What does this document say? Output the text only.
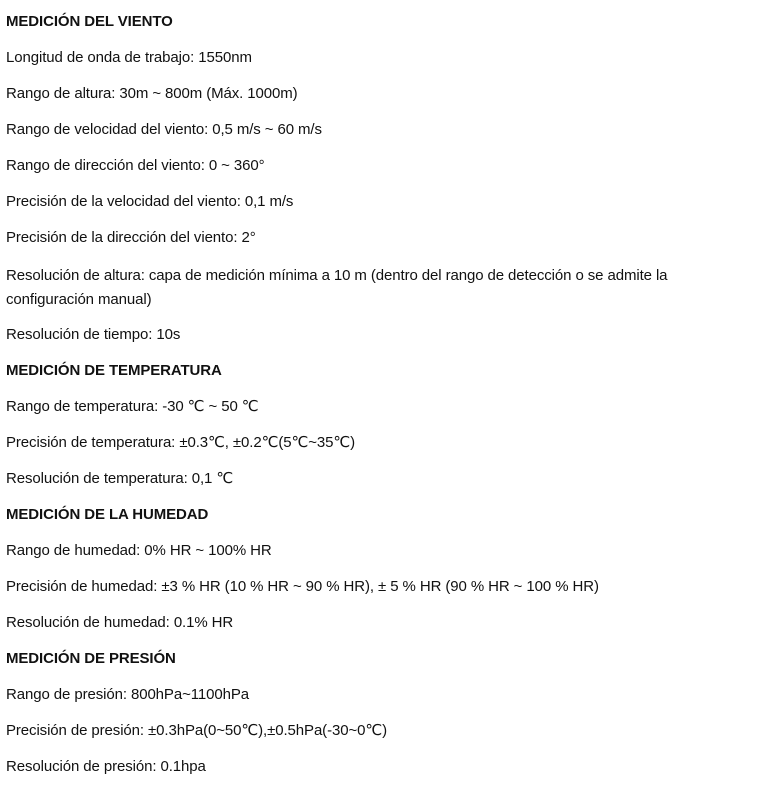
MEDICIÓN DEL VIENTO
Longitud de onda de trabajo: 1550nm
Rango de altura: 30m ~ 800m (Máx. 1000m)
Rango de velocidad del viento: 0,5 m/s ~ 60 m/s
Rango de dirección del viento: 0 ~ 360°
Precisión de la velocidad del viento: 0,1 m/s
Precisión de la dirección del viento: 2°
Resolución de altura: capa de medición mínima a 10 m (dentro del rango de detección o se admite la configuración manual)
Resolución de tiempo: 10s
MEDICIÓN DE TEMPERATURA
Rango de temperatura: -30 ℃ ~ 50 ℃
Precisión de temperatura: ±0.3℃, ±0.2℃(5℃~35℃)
Resolución de temperatura: 0,1 ℃
MEDICIÓN DE LA HUMEDAD
Rango de humedad: 0% HR ~ 100% HR
Precisión de humedad: ±3 % HR (10 % HR ~ 90 % HR), ± 5 % HR (90 % HR ~ 100 % HR)
Resolución de humedad: 0.1% HR
MEDICIÓN DE PRESIÓN
Rango de presión: 800hPa~1100hPa
Precisión de presión: ±0.3hPa(0~50℃),±0.5hPa(-30~0℃)
Resolución de presión: 0.1hpa
